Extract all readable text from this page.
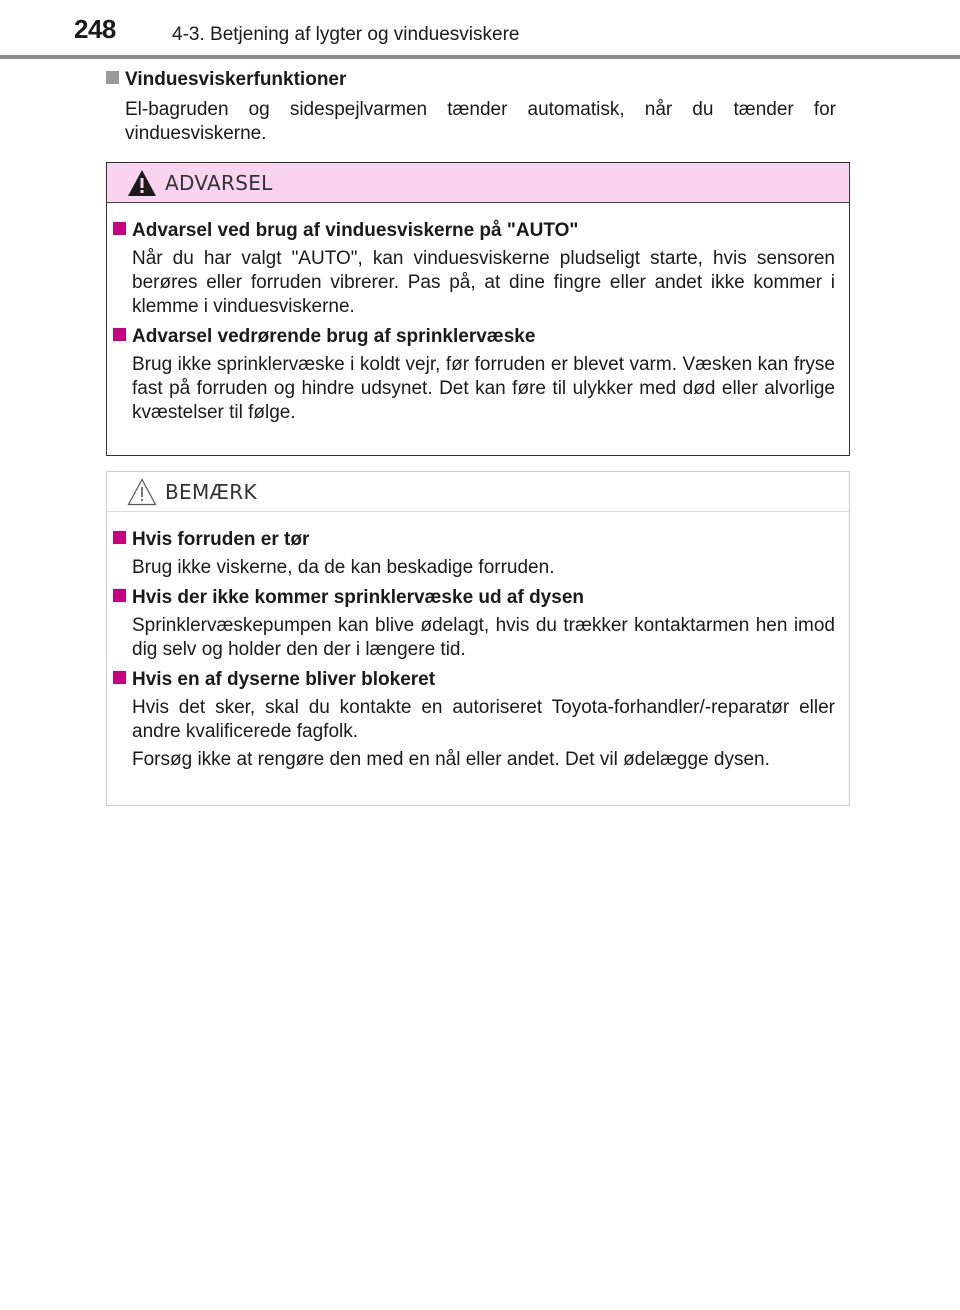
248	4-3. Betjening af lygter og vinduesviskere
Vinduesviskerfunktioner
El-bagruden og sidespejlvarmen tænder automatisk, når du tænder for vinduesviskerne.
ADVARSEL
Advarsel ved brug af vinduesviskerne på "AUTO"
Når du har valgt "AUTO", kan vinduesviskerne pludseligt starte, hvis sensoren berøres eller forruden vibrerer. Pas på, at dine fingre eller andet ikke kommer i klemme i vinduesviskerne.
Advarsel vedrørende brug af sprinklervæske
Brug ikke sprinklervæske i koldt vejr, før forruden er blevet varm. Væsken kan fryse fast på forruden og hindre udsynet. Det kan føre til ulykker med død eller alvorlige kvæstelser til følge.
BEMÆRK
Hvis forruden er tør
Brug ikke viskerne, da de kan beskadige forruden.
Hvis der ikke kommer sprinklervæske ud af dysen
Sprinklervæskepumpen kan blive ødelagt, hvis du trækker kontaktarmen hen imod dig selv og holder den der i længere tid.
Hvis en af dyserne bliver blokeret
Hvis det sker, skal du kontakte en autoriseret Toyota-forhandler/-reparatør eller andre kvalificerede fagfolk.
Forsøg ikke at rengøre den med en nål eller andet. Det vil ødelægge dysen.
